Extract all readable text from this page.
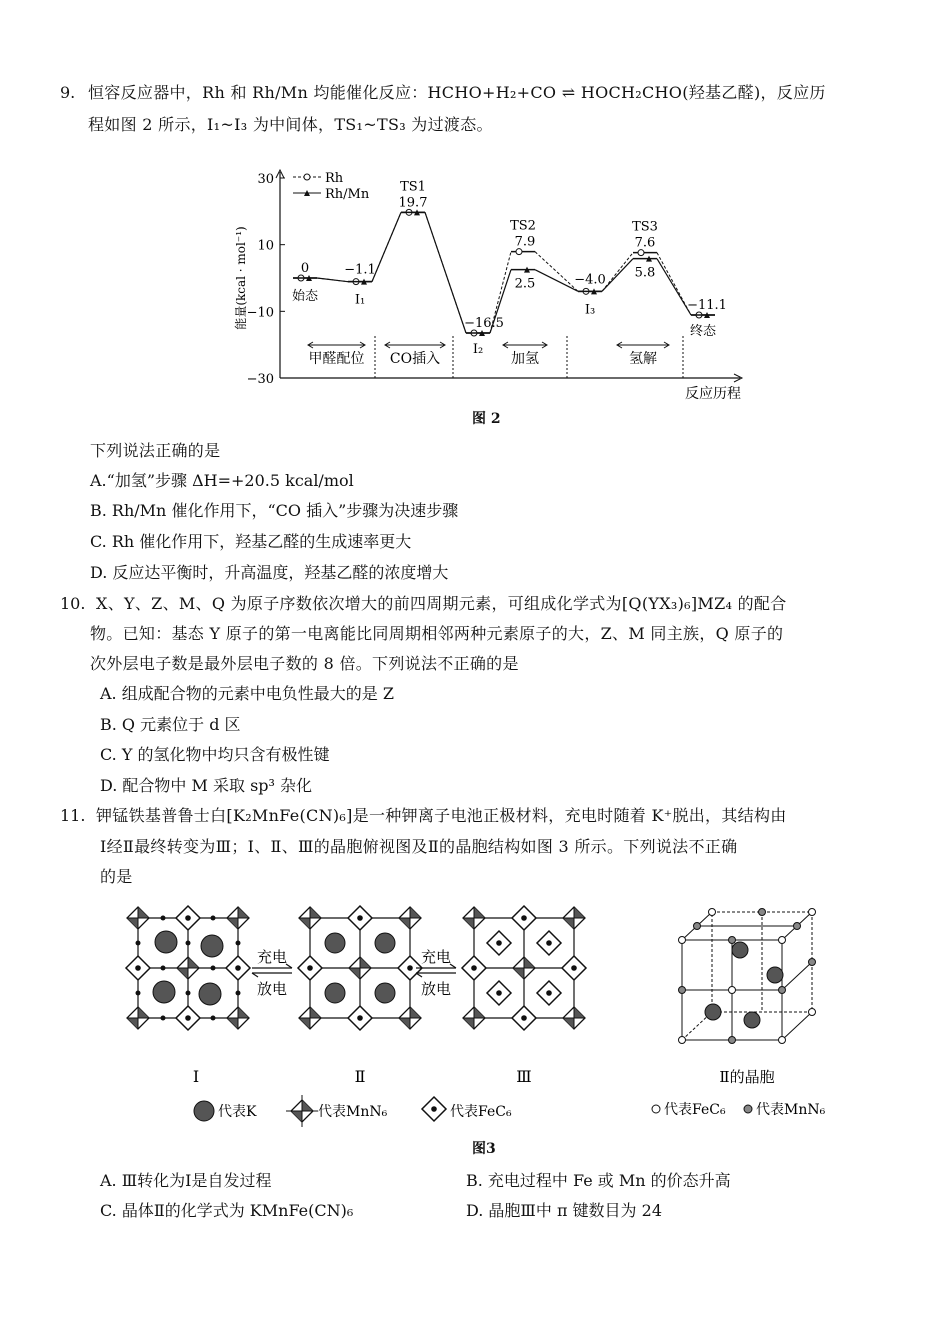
9. 恒容反应器中，Rh 和 Rh/Mn 均能催化反应：HCHO+H₂+CO ⇌ HOCH₂CHO(羟基乙醛)，反应历
程如图 2 所示，I₁~I₃ 为中间体，TS₁~TS₃ 为过渡态。
30
10
−10
−30
能量(kcal · mol⁻¹)
反应历程
0	−1.1
19.7
−16.5
7.9
2.5	−4.0
7.6
5.8
−11.1
始态	I₁
TS1
I₂
TS2
I₃
TS3
终态
甲醛配位 CO插入	加氢	氢解
Rh
Rh/Mn
图 2
下列说法正确的是
A.“加氢”步骤 ΔH=+20.5 kcal/mol
B. Rh/Mn 催化作用下，“CO 插入”步骤为决速步骤
C. Rh 催化作用下，羟基乙醛的生成速率更大
D. 反应达平衡时，升高温度，羟基乙醛的浓度增大
10. X、Y、Z、M、Q 为原子序数依次增大的前四周期元素，可组成化学式为[Q(YX₃)₆]MZ₄ 的配合
物。已知：基态 Y 原子的第一电离能比同周期相邻两种元素原子的大，Z、M 同主族，Q 原子的
次外层电子数是最外层电子数的 8 倍。下列说法不正确的是
A. 组成配合物的元素中电负性最大的是 Z
B. Q 元素位于 d 区
C. Y 的氢化物中均只含有极性键
D. 配合物中 M 采取 sp³ 杂化
11. 钾锰铁基普鲁士白[K₂MnFe(CN)₆]是一种钾离子电池正极材料，充电时随着 K⁺脱出，其结构由
Ⅰ经Ⅱ最终转变为Ⅲ；Ⅰ、Ⅱ、Ⅲ的晶胞俯视图及Ⅱ的晶胞结构如图 3 所示。下列说法不正确
的是
Ⅰ
充电
放电
Ⅱ
充电
放电
Ⅲ	Ⅱ的晶胞
代表K	代表MnN₆	代表FeC₆	代表FeC₆ 代表MnN₆
图3
A. Ⅲ转化为Ⅰ是自发过程	B. 充电过程中 Fe 或 Mn 的价态升高
C. 晶体Ⅱ的化学式为 KMnFe(CN)₆	D. 晶胞Ⅲ中 π 键数目为 24
